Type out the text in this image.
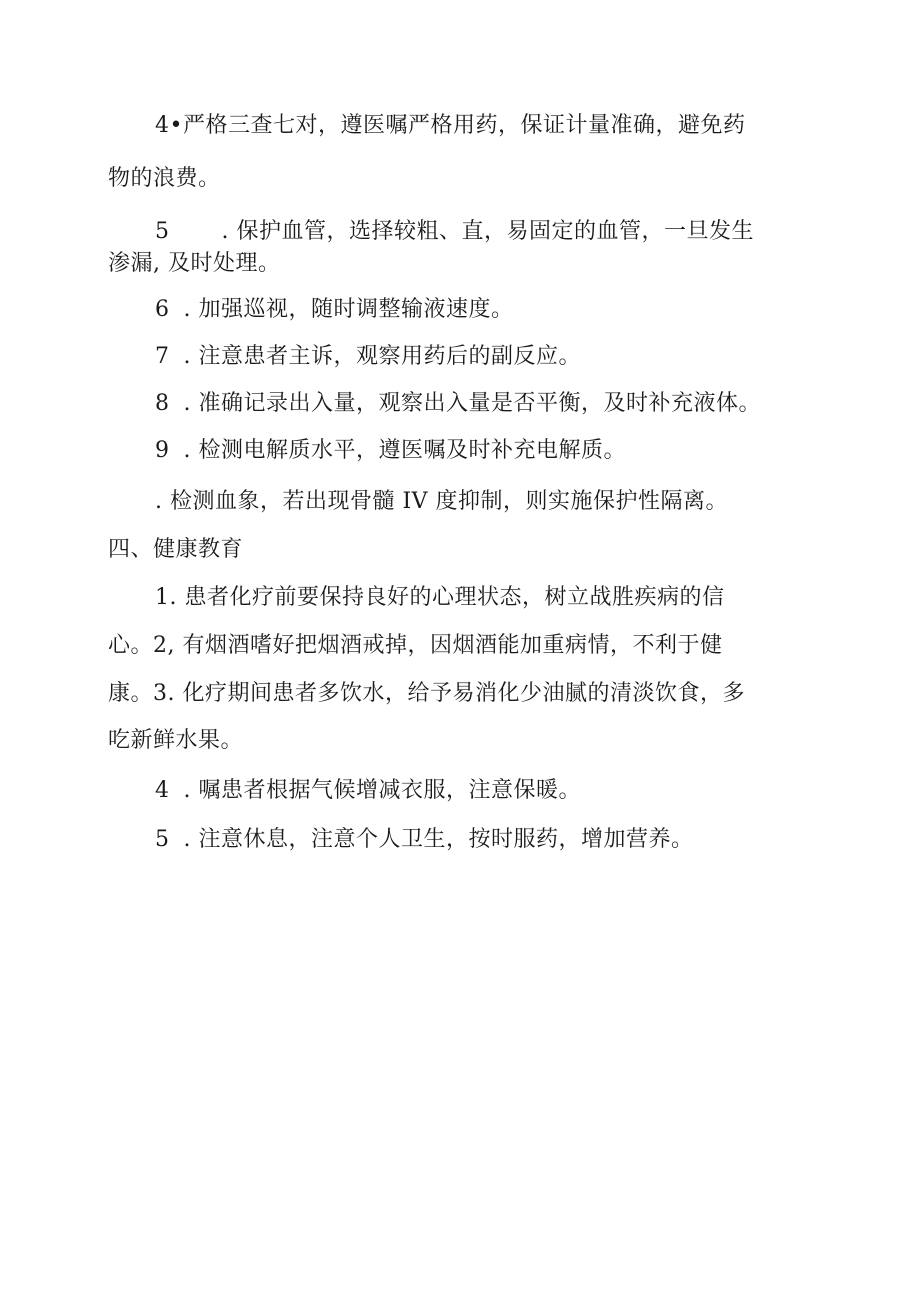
4•严格三查七对，遵医嘱严格用药，保证计量准确，避免药
物的浪费。
5 . 保护血管，选择较粗、直，易固定的血管，一旦发生
渗漏, 及时处理。
6 . 加强巡视，随时调整输液速度。
7 . 注意患者主诉，观察用药后的副反应。
8 . 准确记录出入量，观察出入量是否平衡，及时补充液体。
9 . 检测电解质水平，遵医嘱及时补充电解质。
. 检测血象，若出现骨髓 IV 度抑制，则实施保护性隔离。
四、健康教育
1. 患者化疗前要保持良好的心理状态，树立战胜疾病的信
心。2, 有烟酒嗜好把烟酒戒掉，因烟酒能加重病情，不利于健
康。3. 化疗期间患者多饮水，给予易消化少油腻的清淡饮食，多
吃新鲜水果。
4 . 嘱患者根据气候增减衣服，注意保暖。
5 . 注意休息，注意个人卫生，按时服药，增加营养。
